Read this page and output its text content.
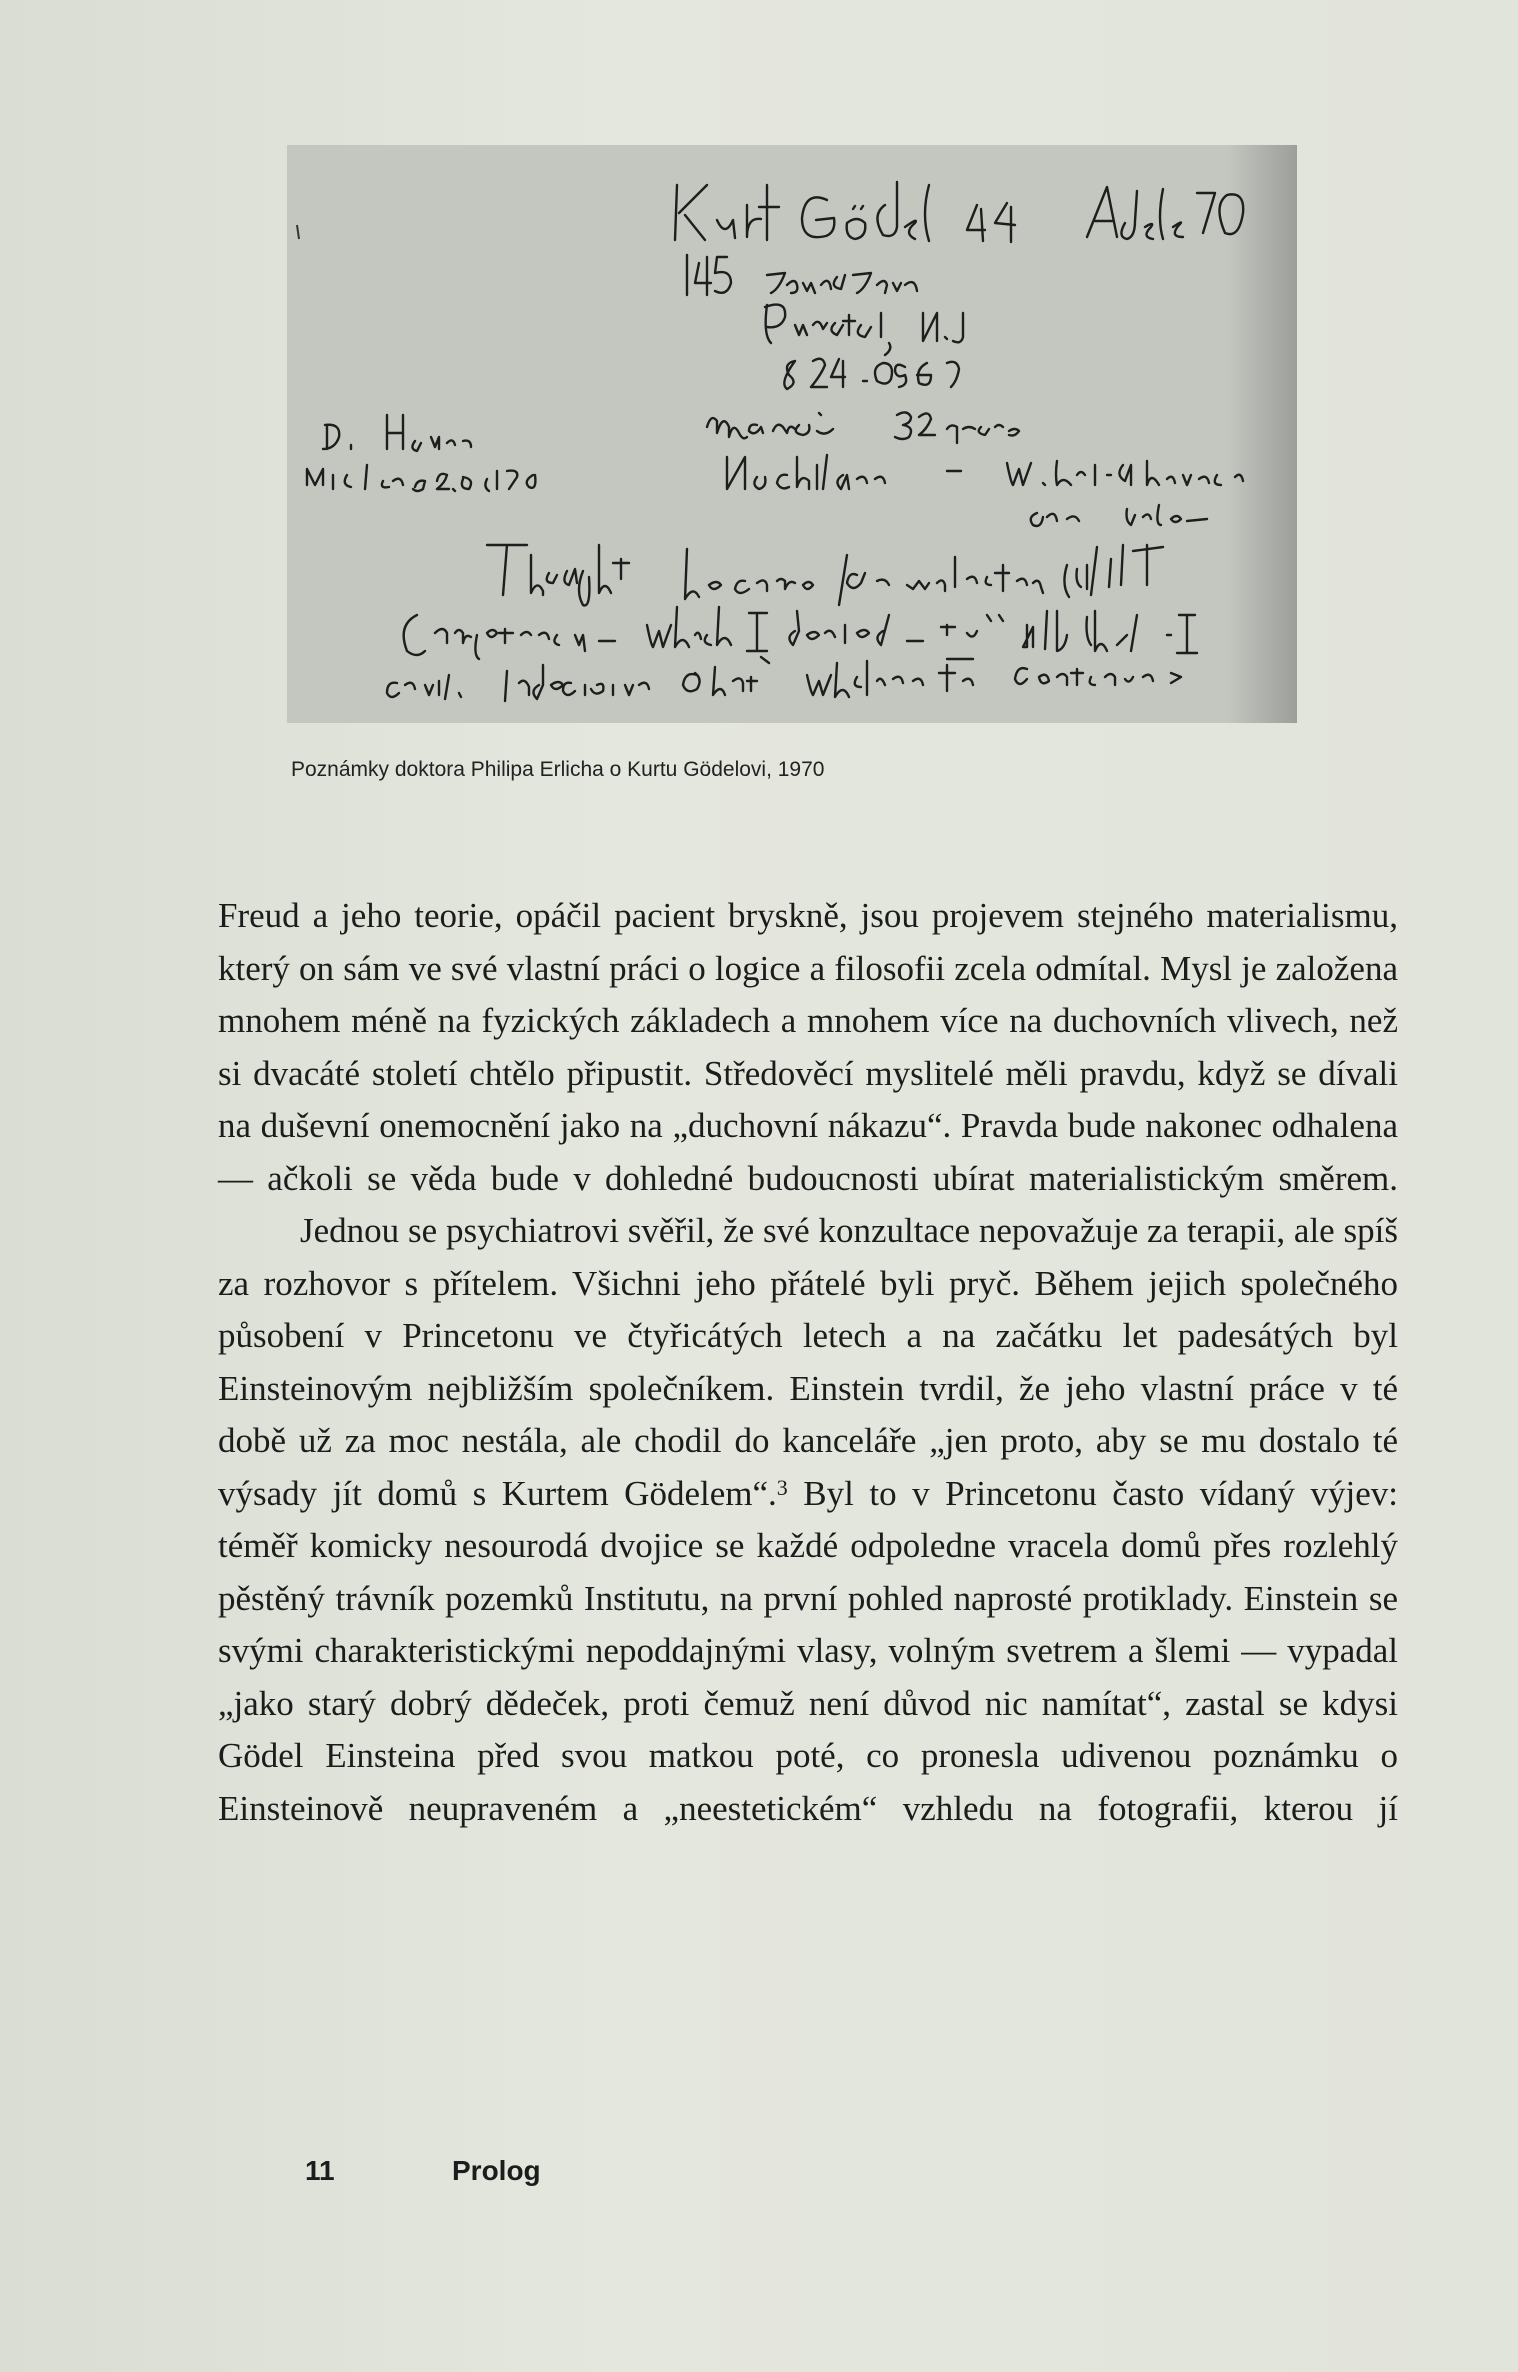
Poznámky doktora Philipa Erlicha o Kurtu Gödelovi, 1970

Freud a jeho teorie, opáčil pacient bryskně, jsou projevem stejného materialismu, který on sám ve své vlastní práci o logice a filosofii zcela odmítal. Mysl je založena mnohem méně na fyzických základech a mnohem více na duchovních vlivech, než si dvacáté století chtělo připustit. Středověcí myslitelé měli pravdu, když se dívali na duševní onemocnění jako na „duchovní nákazu“. Pravda bude nakonec odhalena — ačkoli se věda bude v dohledné budoucnosti ubírat materialistickým směrem.

Jednou se psychiatrovi svěřil, že své konzultace nepovažuje za terapii, ale spíš za rozhovor s přítelem. Všichni jeho přátelé byli pryč. Během jejich společného působení v Princetonu ve čtyřicátých letech a na začátku let padesátých byl Einsteinovým nejbližším společníkem. Einstein tvrdil, že jeho vlastní práce v té době už za moc nestála, ale chodil do kanceláře „jen proto, aby se mu dostalo té výsady jít domů s Kurtem Gödelem“.$^3$ Byl to v Princetonu často vídaný výjev: téměř komicky nesourodá dvojice se každé odpoledne vracela domů přes rozlehlý pěstěný trávník pozemků Institutu, na první pohled naprosté protiklady. Einstein se svými charakteristickými nepoddajnými vlasy, volným svetrem a šlemi — vypadal „jako starý dobrý dědeček, proti čemuž není důvod nic namítat“, zastal se kdysi Gödel Einsteina před svou matkou poté, co pronesla udivenou poznámku o Einsteinově neupraveném a „neestetickém“ vzhledu na fotografii, kterou jí

11	Prolog
